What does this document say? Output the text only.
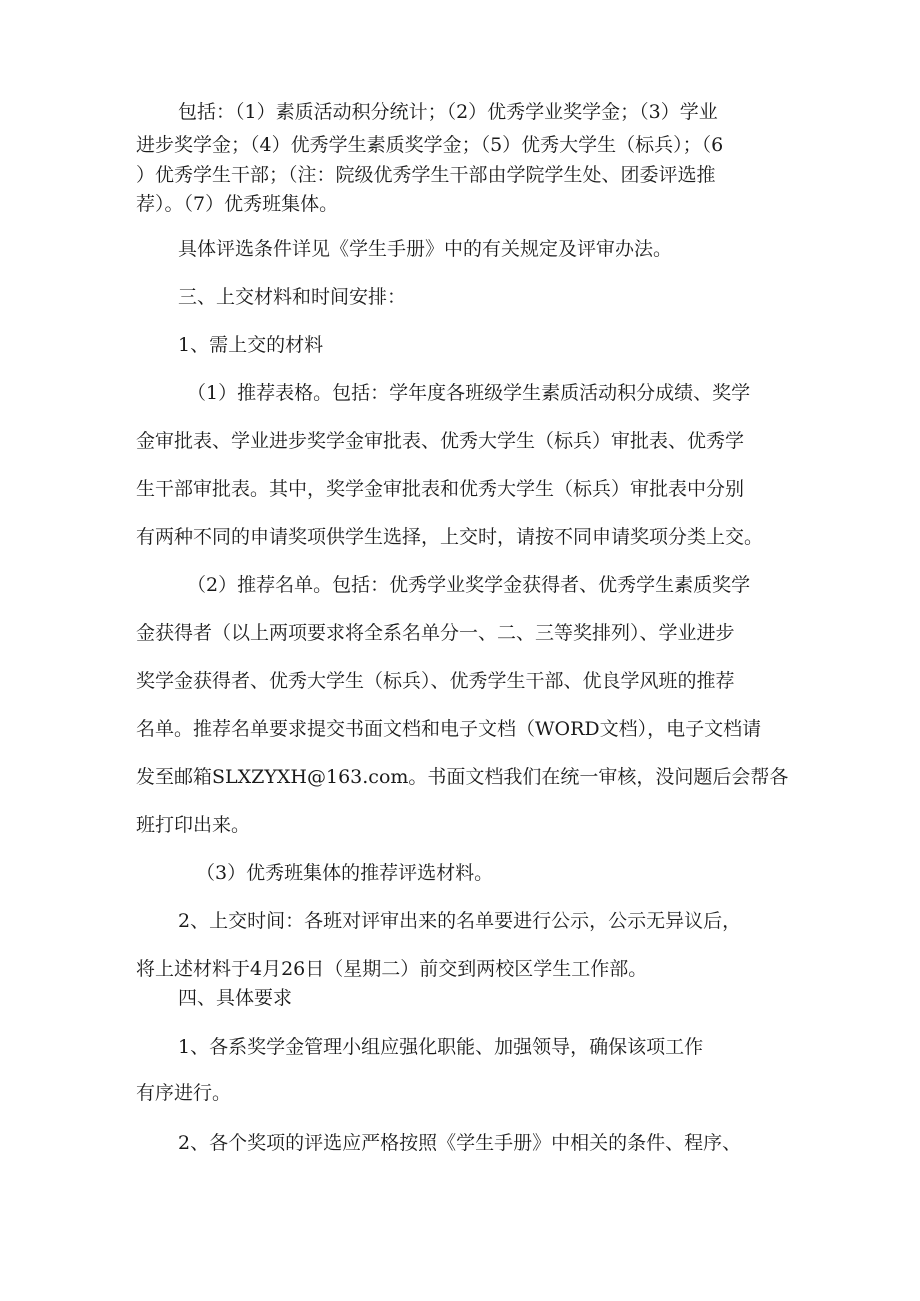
包括：（1）素质活动积分统计；（2）优秀学业奖学金；（3）学业
进步奖学金；（4）优秀学生素质奖学金；（5）优秀大学生（标兵）；（6
）优秀学生干部；（注：院级优秀学生干部由学院学生处、团委评选推
荐）。（7）优秀班集体。
具体评选条件详见《学生手册》中的有关规定及评审办法。
三、上交材料和时间安排：
1、需上交的材料
（1）推荐表格。包括：学年度各班级学生素质活动积分成绩、奖学
金审批表、学业进步奖学金审批表、优秀大学生（标兵）审批表、优秀学
生干部审批表。其中，奖学金审批表和优秀大学生（标兵）审批表中分别
有两种不同的申请奖项供学生选择，上交时，请按不同申请奖项分类上交。
（2）推荐名单。包括：优秀学业奖学金获得者、优秀学生素质奖学
金获得者（以上两项要求将全系名单分一、二、三等奖排列）、学业进步
奖学金获得者、优秀大学生（标兵）、优秀学生干部、优良学风班的推荐
名单。推荐名单要求提交书面文档和电子文档（WORD文档），电子文档请
发至邮箱SLXZYXH@163.com。书面文档我们在统一审核，没问题后会帮各
班打印出来。
（3）优秀班集体的推荐评选材料。
2、上交时间：各班对评审出来的名单要进行公示，公示无异议后，
将上述材料于4月26日（星期二）前交到两校区学生工作部。
四、具体要求
1、各系奖学金管理小组应强化职能、加强领导，确保该项工作
有序进行。
2、各个奖项的评选应严格按照《学生手册》中相关的条件、程序、
